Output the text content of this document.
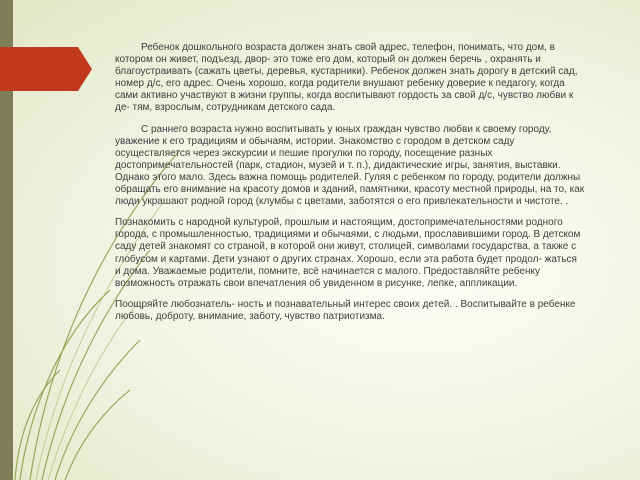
Ребенок дошкольного возраста должен знать свой адрес, телефон, понимать, что дом, в котором он живет, подъезд, двор- это тоже его дом, который он должен беречь , охранять и благоустраивать (сажать цветы, деревья, кустарники). Ребенок должен знать дорогу в детский сад, номер д/с, его адрес. Очень хорошо, когда родители внушают ребенку доверие к педагогу, когда сами активно участвуют в жизни группы, когда воспитывают гордость за свой д/с, чувство любви к де- тям, взрослым, сотрудникам детского сада.

С раннего возраста нужно воспитывать у юных граждан чувство любви к своему городу, уважение к его традициям и обычаям, истории. Знакомство с городом в детском саду осуществляется через экскурсии и пешие прогулки по городу, посещение разных достопримечательностей (парк, стадион, музей и т. п.), дидактические игры, занятия, выставки. Однако этого мало. Здесь важна помощь родителей. Гуляя с ребенком по городу, родители должны обращать его внимание на красоту домов и зданий, памятники, красоту местной природы, на то, как люди украшают родной город (клумбы с цветами, заботятся о его привлекательности и чистоте. .

Познакомить с народной культурой, прошлым и настоящим, достопримечательностями родного города, с промышленностью, традициями и обычаями, с людьми, прославившими город. В детском саду детей знакомят со страной, в которой они живут, столицей, символами государства, а также с глобусом и картами. Дети узнают о других странах. Хорошо, если эта работа будет продол- жаться и дома. Уважаемые родители, помните, всё начинается с малого. Предоставляйте ребенку возможность отражать свои впечатления об увиденном в рисунке, лепке, аппликации.

Поощряйте любознатель- ность и познавательный интерес своих детей. . Воспитывайте в ребенке любовь, доброту, внимание, заботу, чувство патриотизма.
